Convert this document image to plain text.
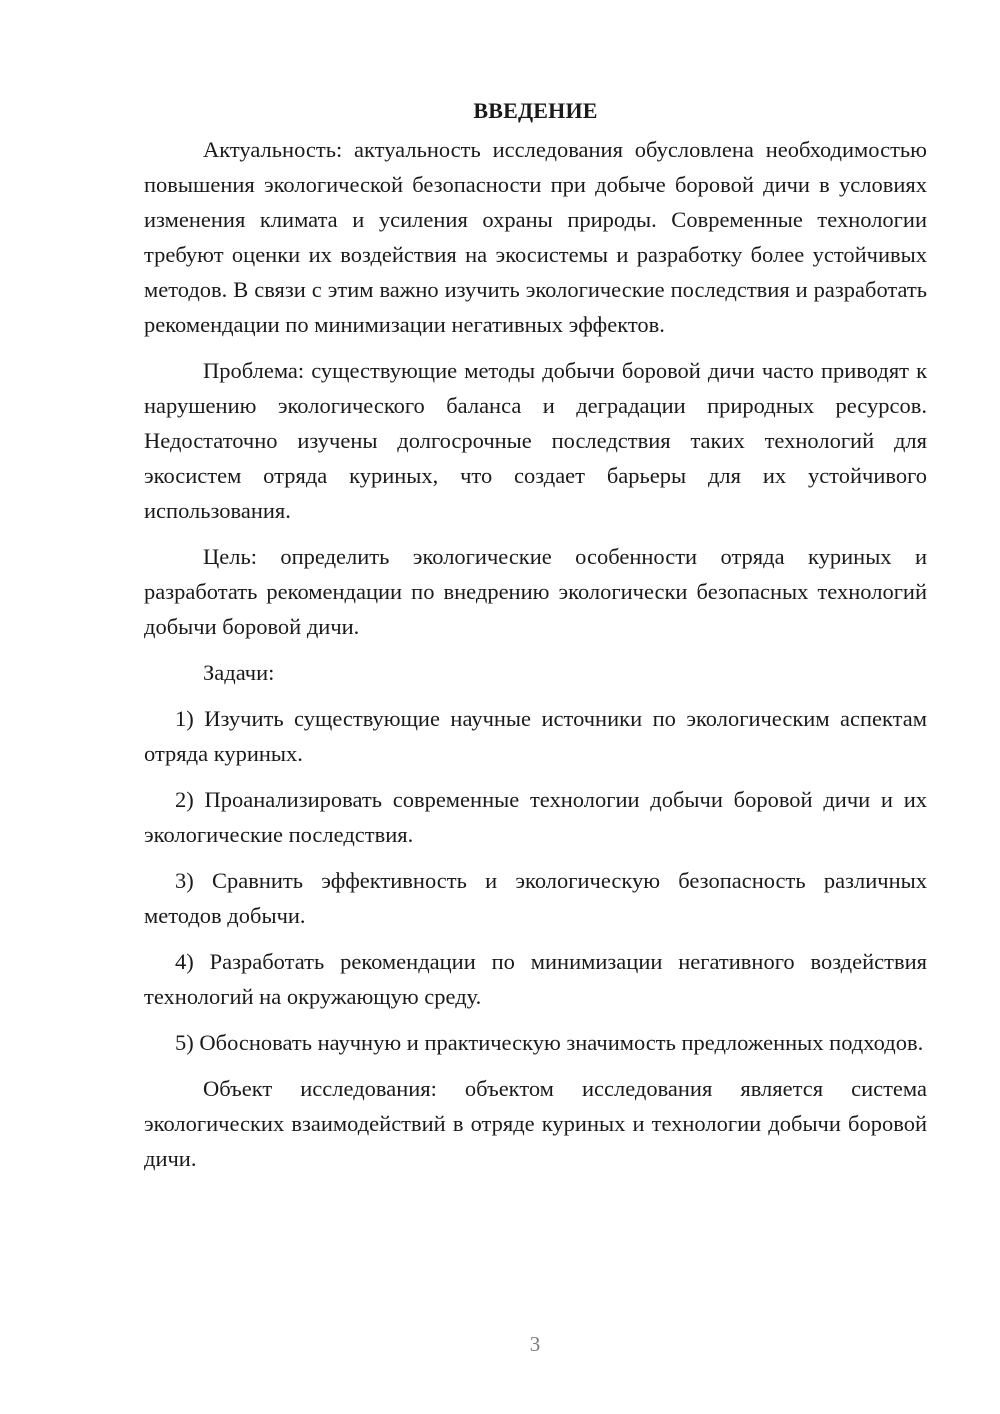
ВВЕДЕНИЕ

Актуальность: актуальность исследования обусловлена необходимостью повышения экологической безопасности при добыче боровой дичи в условиях изменения климата и усиления охраны природы. Современные технологии требуют оценки их воздействия на экосистемы и разработку более устойчивых методов. В связи с этим важно изучить экологические последствия и разработать рекомендации по минимизации негативных эффектов.

Проблема: существующие методы добычи боровой дичи часто приводят к нарушению экологического баланса и деградации природных ресурсов. Недостаточно изучены долгосрочные последствия таких технологий для экосистем отряда куриных, что создает барьеры для их устойчивого использования.

Цель: определить экологические особенности отряда куриных и разработать рекомендации по внедрению экологически безопасных технологий добычи боровой дичи.

Задачи:

1) Изучить существующие научные источники по экологическим аспектам отряда куриных.

2) Проанализировать современные технологии добычи боровой дичи и их экологические последствия.

3) Сравнить эффективность и экологическую безопасность различных методов добычи.

4) Разработать рекомендации по минимизации негативного воздействия технологий на окружающую среду.

5) Обосновать научную и практическую значимость предложенных подходов.

Объект исследования: объектом исследования является система экологических взаимодействий в отряде куриных и технологии добычи боровой дичи.

3
